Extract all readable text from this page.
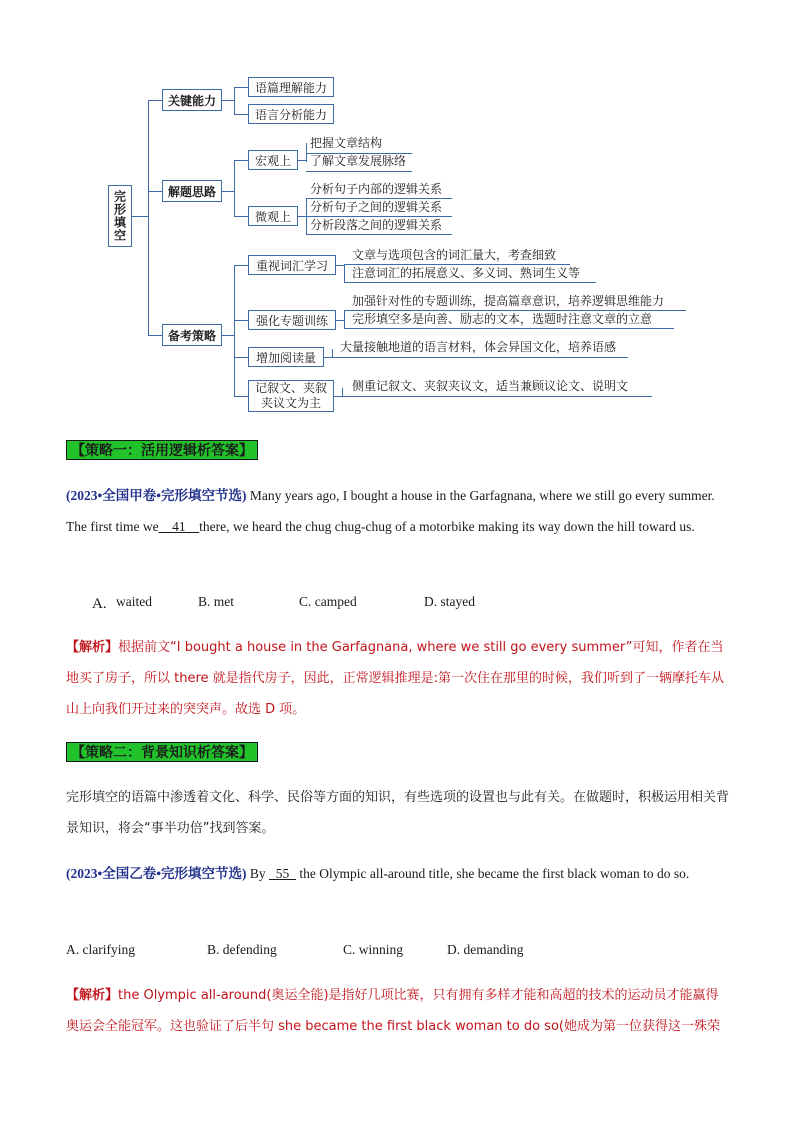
完形填空
关键能力
语篇理解能力
语言分析能力
解题思路
宏观上
把握文章结构
了解文章发展脉络
微观上
分析句子内部的逻辑关系
分析句子之间的逻辑关系
分析段落之间的逻辑关系
备考策略
重视词汇学习
文章与选项包含的词汇量大，考查细致
注意词汇的拓展意义、多义词、熟词生义等
强化专题训练
加强针对性的专题训练，提高篇章意识，培养逻辑思维能力
完形填空多是向善、励志的文本，选题时注意文章的立意
增加阅读量
大量接触地道的语言材料，体会异国文化，培养语感
记叙文、夹叙
夹议文为主
侧重记叙文、夹叙夹议文，适当兼顾议论文、说明文
【策略一：活用逻辑析答案】
(2023•全国甲卷•完形填空节选) Many years ago, I bought a house in the Garfagnana, where we still go every summer. The first time we    41    there, we heard the chug chug-chug of a motorbike making its way down the hill toward us.
A. waited	B. met	C. camped	D. stayed
【解析】根据前文“I bought a house in the Garfagnana, where we still go every summer”可知，作者在当地买了房子，所以 there 就是指代房子，因此，正常逻辑推理是:第一次住在那里的时候，我们听到了一辆摩托车从山上向我们开过来的突突声。故选 D 项。
【策略二：背景知识析答案】
完形填空的语篇中渗透着文化、科学、民俗等方面的知识，有些选项的设置也与此有关。在做题时，积极运用相关背景知识，将会“事半功倍”找到答案。
(2023•全国乙卷•完形填空节选) By   55   the Olympic all-around title, she became the first black woman to do so.
A. clarifying	B. defending	C. winning	D. demanding
【解析】the Olympic all-around(奥运全能)是指好几项比赛，只有拥有多样才能和高超的技术的运动员才能赢得奥运会全能冠军。这也验证了后半句 she became the first black woman to do so(她成为第一位获得这一殊荣
